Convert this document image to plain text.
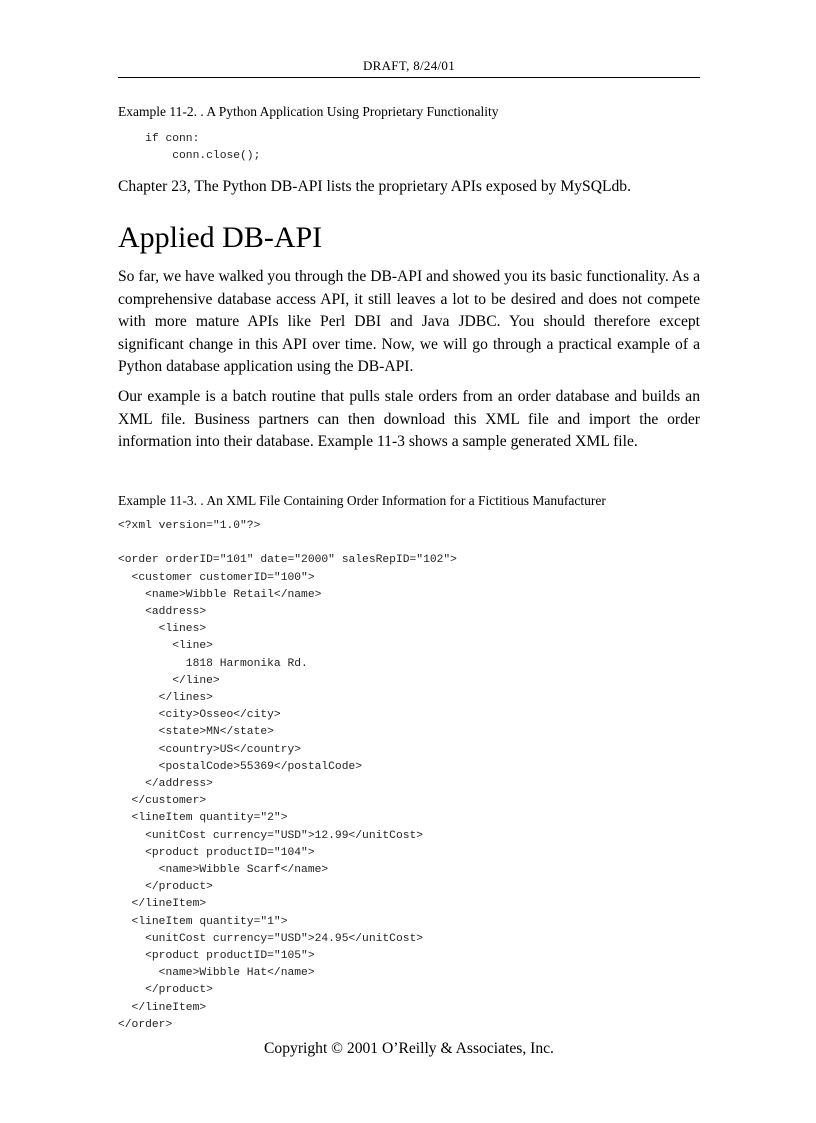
DRAFT, 8/24/01
Example 11-2. . A Python Application Using Proprietary Functionality
if conn:
conn.close();

Chapter 23, The Python DB-API lists the proprietary APIs exposed by MySQLdb.

Applied DB-API

So far, we have walked you through the DB-API and showed you its basic functionality. As a comprehensive database access API, it still leaves a lot to be desired and does not compete with more mature APIs like Perl DBI and Java JDBC. You should therefore except significant change in this API over time. Now, we will go through a practical example of a Python database application using the DB-API.

Our example is a batch routine that pulls stale orders from an order database and builds an XML file. Business partners can then download this XML file and import the order information into their database. Example 11-3 shows a sample generated XML file.

Example 11-3. . An XML File Containing Order Information for a Fictitious Manufacturer
<?xml version="1.0"?>

<order orderID="101" date="2000" salesRepID="102">
<customer customerID="100">
<name>Wibble Retail</name>
<address>
<lines>
<line>
1818 Harmonika Rd.
</line>
</lines>
<city>Osseo</city>
<state>MN</state>
<country>US</country>
<postalCode>55369</postalCode>
</address>
</customer>
<lineItem quantity="2">
<unitCost currency="USD">12.99</unitCost>
<product productID="104">
<name>Wibble Scarf</name>
</product>
</lineItem>
<lineItem quantity="1">
<unitCost currency="USD">24.95</unitCost>
<product productID="105">
<name>Wibble Hat</name>
</product>
</lineItem>
</order>
Copyright © 2001 O’Reilly & Associates, Inc.
